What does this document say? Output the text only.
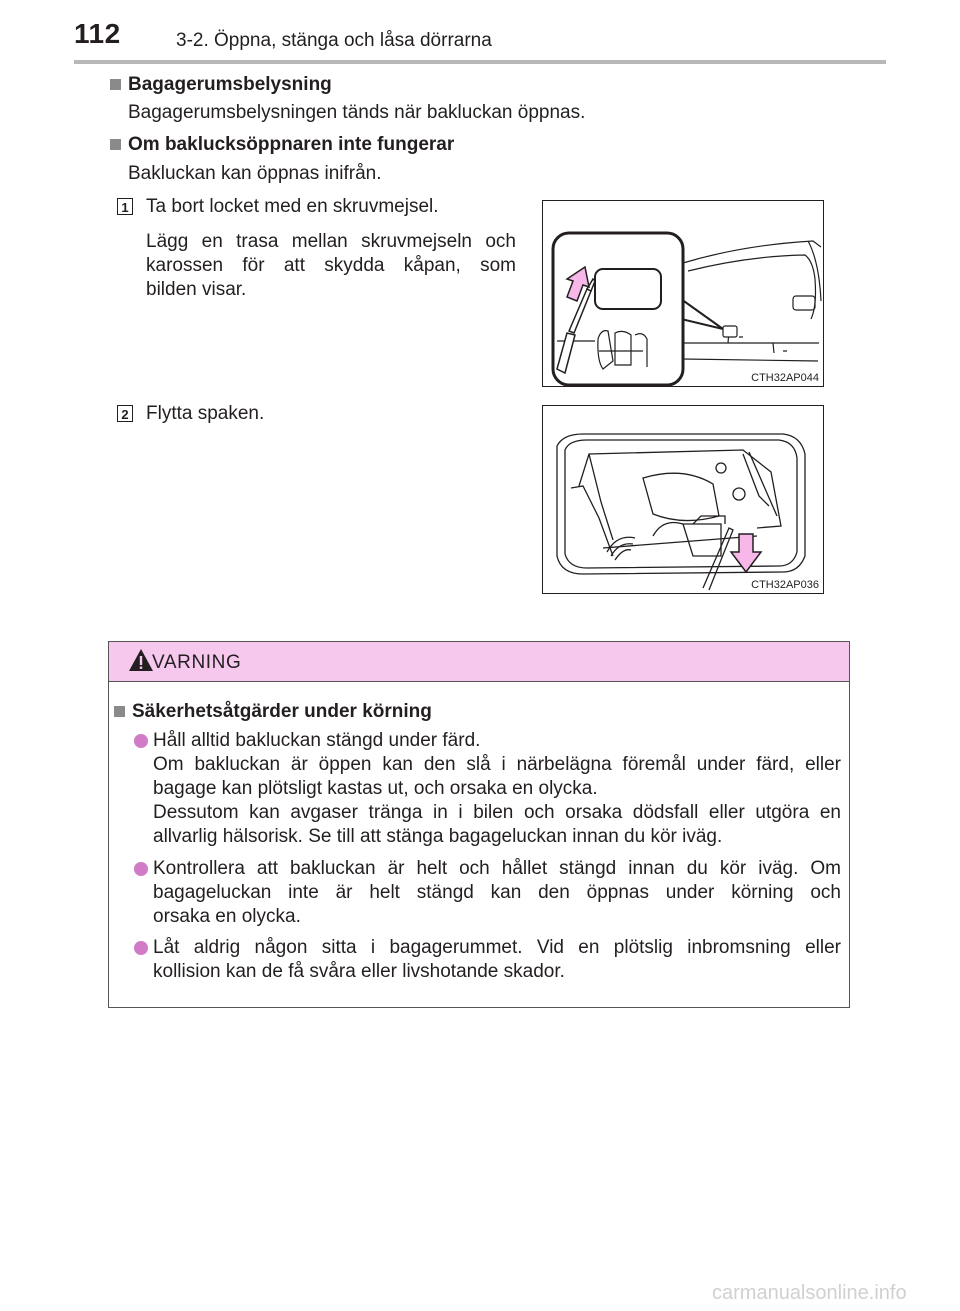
112	3-2. Öppna, stänga och låsa dörrarna
Bagagerumsbelysning
Bagagerumsbelysningen tänds när bakluckan öppnas.
Om baklucksöppnaren inte fungerar
Bakluckan kan öppnas inifrån.
1 Ta bort locket med en skruvmejsel.
Lägg en trasa mellan skruvmejseln och
karossen för att skydda kåpan, som
bilden visar.
CTH32AP044
2 Flytta spaken.
CTH32AP036
VARNING
Säkerhetsåtgärder under körning
Håll alltid bakluckan stängd under färd.
Om bakluckan är öppen kan den slå i närbelägna föremål under färd, eller
bagage kan plötsligt kastas ut, och orsaka en olycka.
Dessutom kan avgaser tränga in i bilen och orsaka dödsfall eller utgöra en
allvarlig hälsorisk. Se till att stänga bagageluckan innan du kör iväg.
Kontrollera att bakluckan är helt och hållet stängd innan du kör iväg. Om
bagageluckan inte är helt stängd kan den öppnas under körning och
orsaka en olycka.
Låt aldrig någon sitta i bagagerummet. Vid en plötslig inbromsning eller
kollision kan de få svåra eller livshotande skador.
carmanualsonline.info
